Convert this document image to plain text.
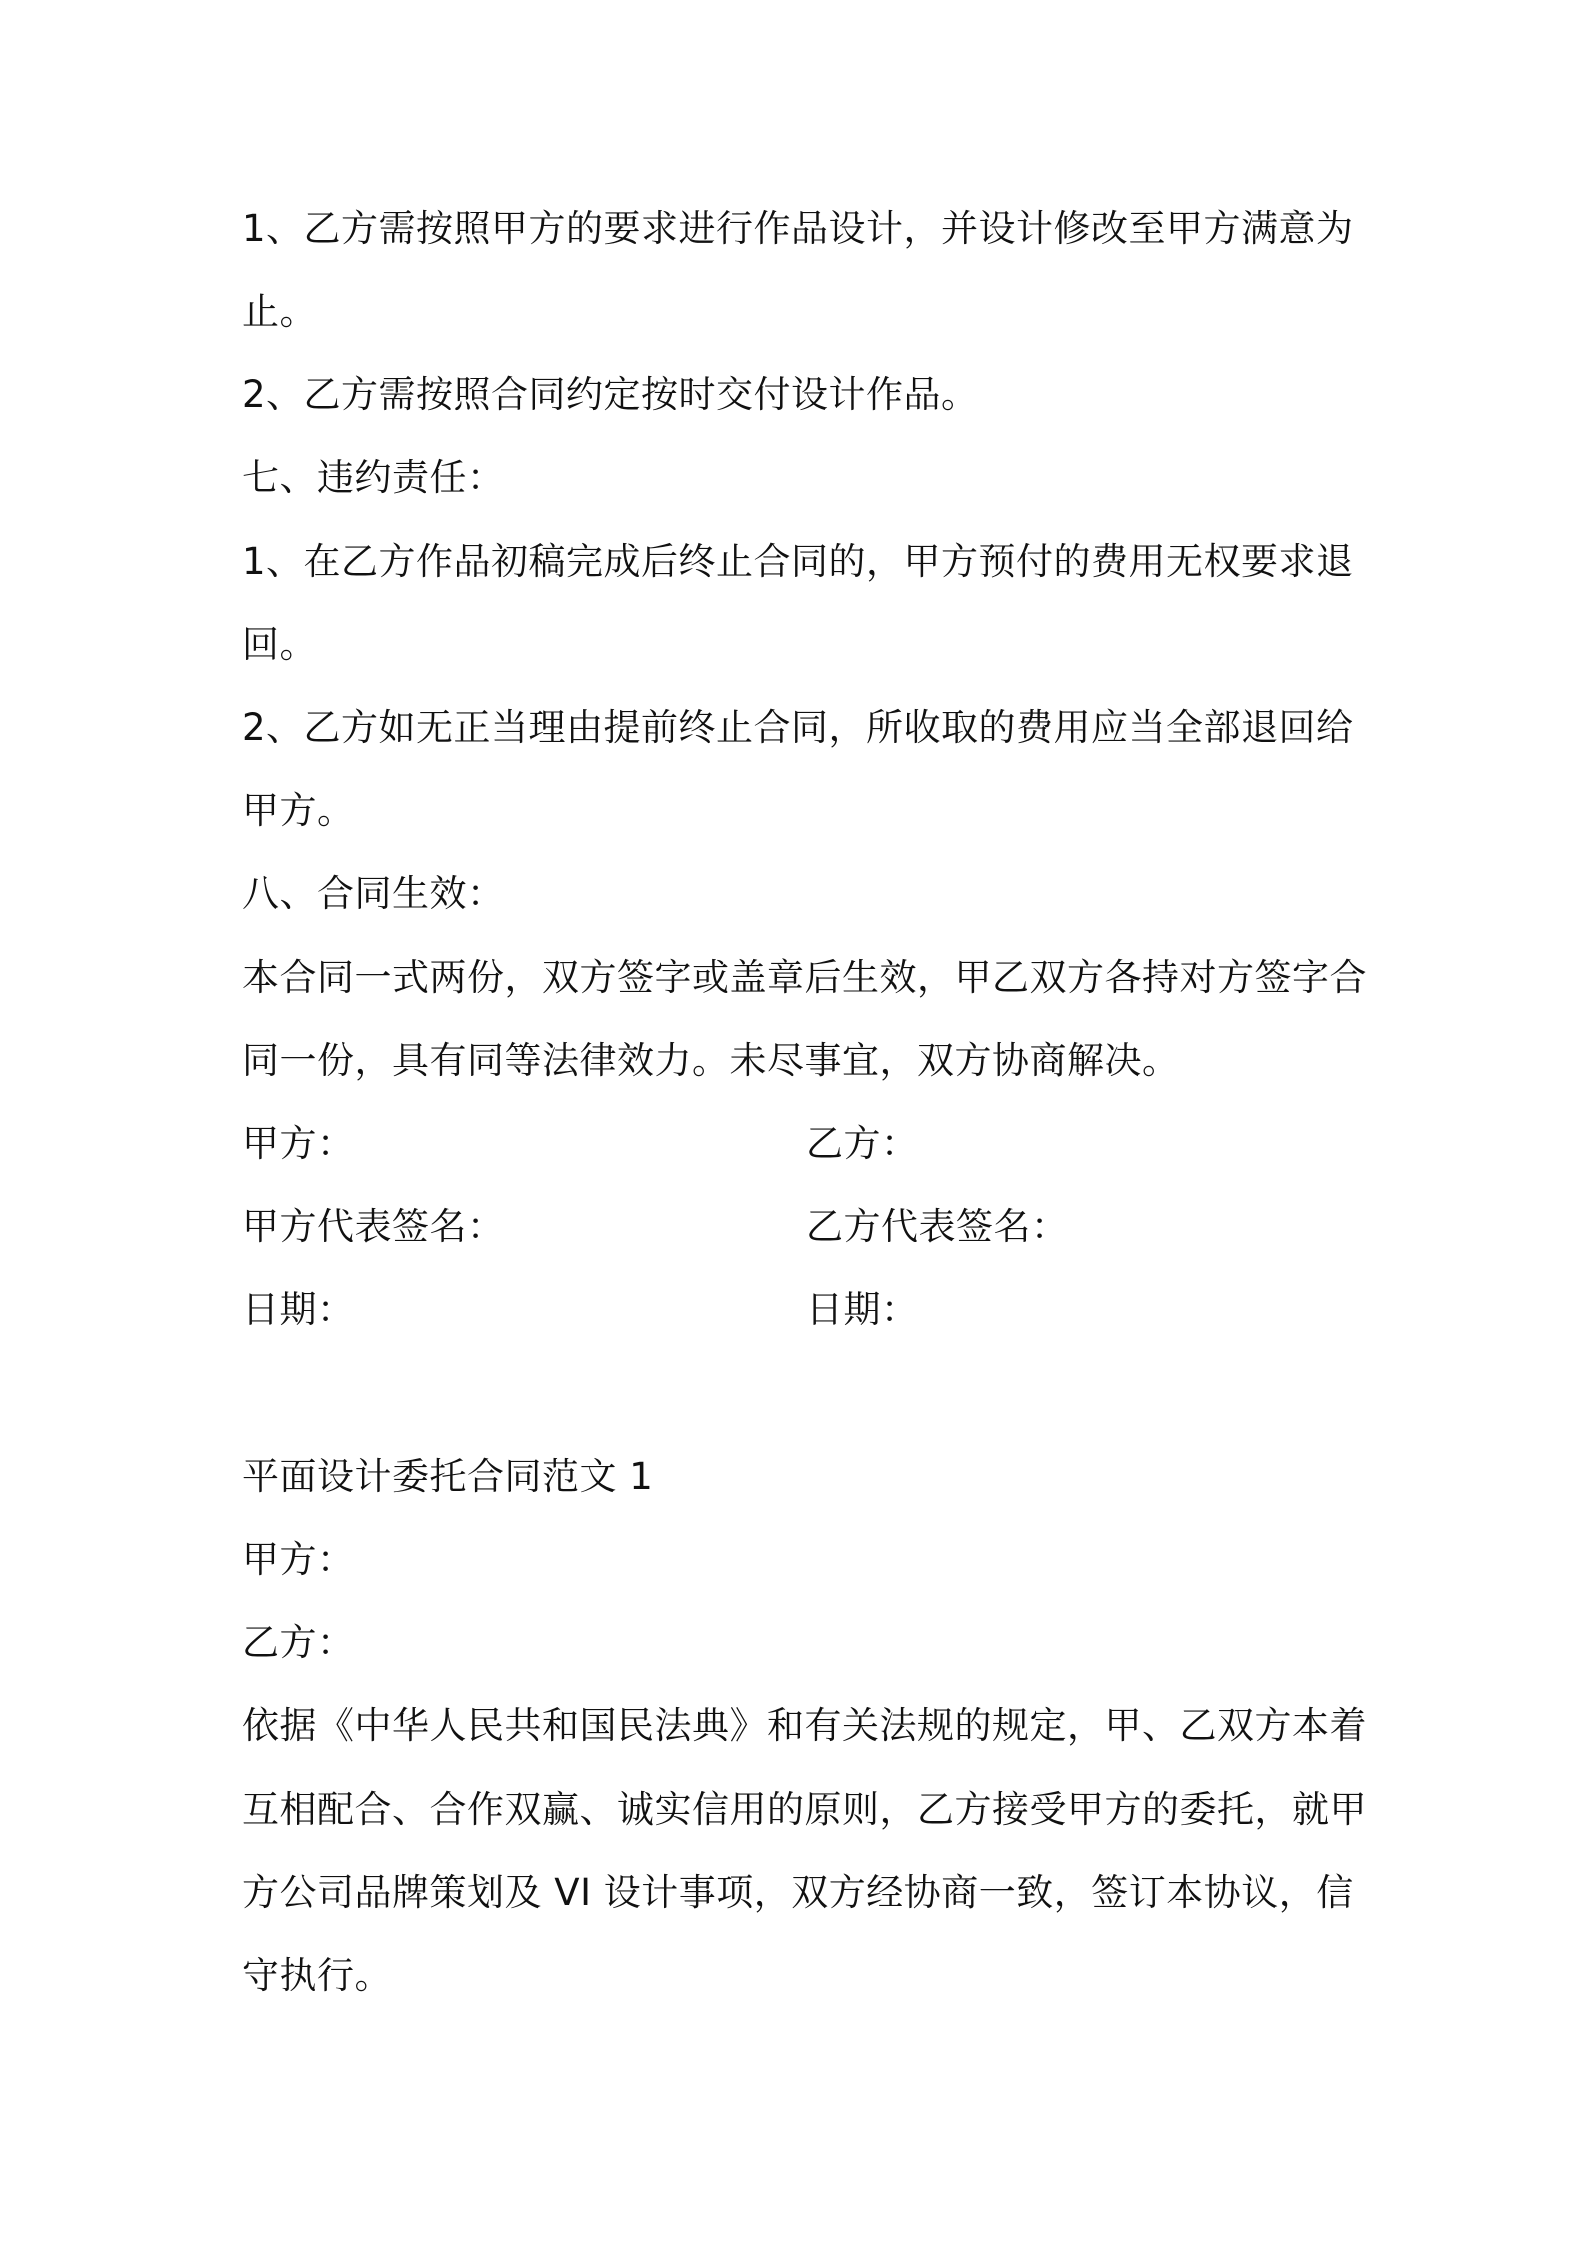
1、乙方需按照甲方的要求进行作品设计，并设计修改至甲方满意为
止。
2、乙方需按照合同约定按时交付设计作品。
七、违约责任：
1、在乙方作品初稿完成后终止合同的，甲方预付的费用无权要求退
回。
2、乙方如无正当理由提前终止合同，所收取的费用应当全部退回给
甲方。
八、合同生效：
本合同一式两份，双方签字或盖章后生效，甲乙双方各持对方签字合
同一份，具有同等法律效力。未尽事宜，双方协商解决。
甲方：	乙方：
甲方代表签名：	乙方代表签名：
日期：	日期：
平面设计委托合同范文 1
甲方：
乙方：
依据《中华人民共和国民法典》和有关法规的规定，甲、乙双方本着
互相配合、合作双赢、诚实信用的原则，乙方接受甲方的委托，就甲
方公司品牌策划及 VI 设计事项，双方经协商一致，签订本协议，信
守执行。
